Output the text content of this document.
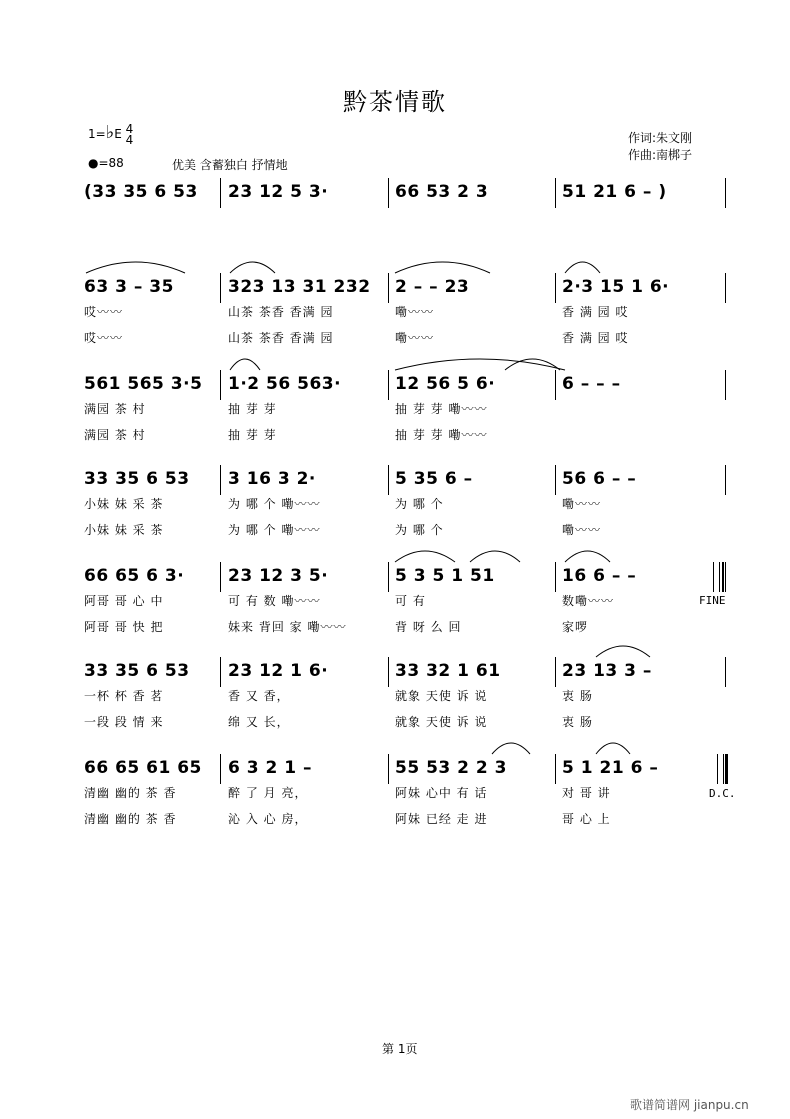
黔茶情歌
1=♭E 4
4
●=88	优美 含蓄独白 抒情地
作词:朱文刚
作曲:南梆子
(33 35 6 53 23 12 5 3·	66 53 2 3	51 21 6 – )
63 3 – 35
哎〰〰
哎〰〰
323 13 31 232
山茶 茶香 香满 园
山茶 茶香 香满 园
2 – – 23
嘞〰〰
嘞〰〰
2·3 15 1 6·
香 满 园 哎
香 满 园 哎
561 565 3·5
满园 茶 村
满园 茶 村
1·2 56 563·
抽 芽 芽
抽 芽 芽
12 56 5 6·
抽 芽 芽 嘞〰〰
抽 芽 芽 嘞〰〰
6 – – –
33 35 6 53
小妹 妹 采 茶
小妹 妹 采 茶
3 16 3 2·
为 哪 个 嘞〰〰
为 哪 个 嘞〰〰
5 35 6 –
为 哪 个
为 哪 个
56 6 – –
嘞〰〰
嘞〰〰
66 65 6 3·
阿哥 哥 心 中
阿哥 哥 快 把
23 12 3 5·
可 有 数 嘞〰〰
妹来 背回 家 嘞〰〰
5 3 5 1 51
可 有
背 呀 么 回
16 6 – –
数嘞〰〰
家啰
33 35 6 53
一杯 杯 香 茗
一段 段 情 来
23 12 1 6·
香 又 香，
绵 又 长，
33 32 1 61
就象 天使 诉 说
就象 天使 诉 说
23 13 3 –
衷 肠
衷 肠
66 65 61 65
清幽 幽的 茶 香
清幽 幽的 茶 香
6 3 2 1 –
醉 了 月 亮，
沁 入 心 房，
55 53 2 2 3
阿妹 心中 有 话
阿妹 已经 走 进
5 1 21 6 –
对 哥 讲
哥 心 上
FINE
D.C.
第 1页
歌谱简谱网 jianpu.cn
